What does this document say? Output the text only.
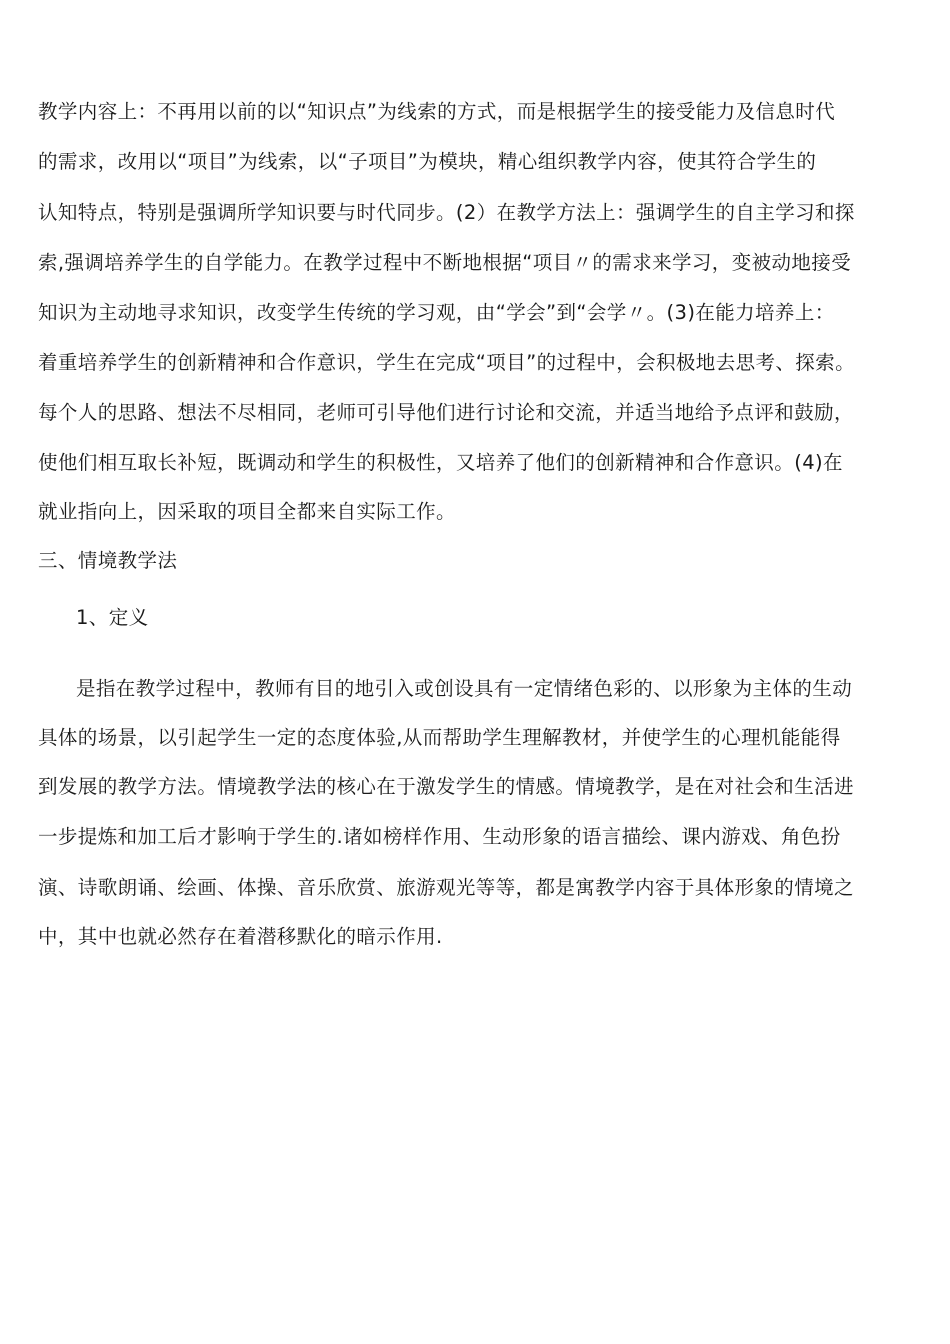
教学内容上：不再用以前的以“知识点”为线索的方式，而是根据学生的接受能力及信息时代
的需求，改用以“项目”为线索，以“子项目”为模块，精心组织教学内容，使其符合学生的
认知特点，特别是强调所学知识要与时代同步。(2）在教学方法上：强调学生的自主学习和探
索,强调培养学生的自学能力。在教学过程中不断地根据“项目〃的需求来学习，变被动地接受
知识为主动地寻求知识，改变学生传统的学习观，由“学会”到“会学〃。(3)在能力培养上：
着重培养学生的创新精神和合作意识，学生在完成“项目”的过程中，会积极地去思考、探索。
每个人的思路、想法不尽相同，老师可引导他们进行讨论和交流，并适当地给予点评和鼓励，
使他们相互取长补短，既调动和学生的积极性，又培养了他们的创新精神和合作意识。(4)在
就业指向上，因采取的项目全都来自实际工作。
三、情境教学法
1、定义
是指在教学过程中，教师有目的地引入或创设具有一定情绪色彩的、以形象为主体的生动
具体的场景，以引起学生一定的态度体验,从而帮助学生理解教材，并使学生的心理机能能得
到发展的教学方法。情境教学法的核心在于激发学生的情感。情境教学，是在对社会和生活进
一步提炼和加工后才影响于学生的.诸如榜样作用、生动形象的语言描绘、课内游戏、角色扮
演、诗歌朗诵、绘画、体操、音乐欣赏、旅游观光等等，都是寓教学内容于具体形象的情境之
中，其中也就必然存在着潜移默化的暗示作用.
